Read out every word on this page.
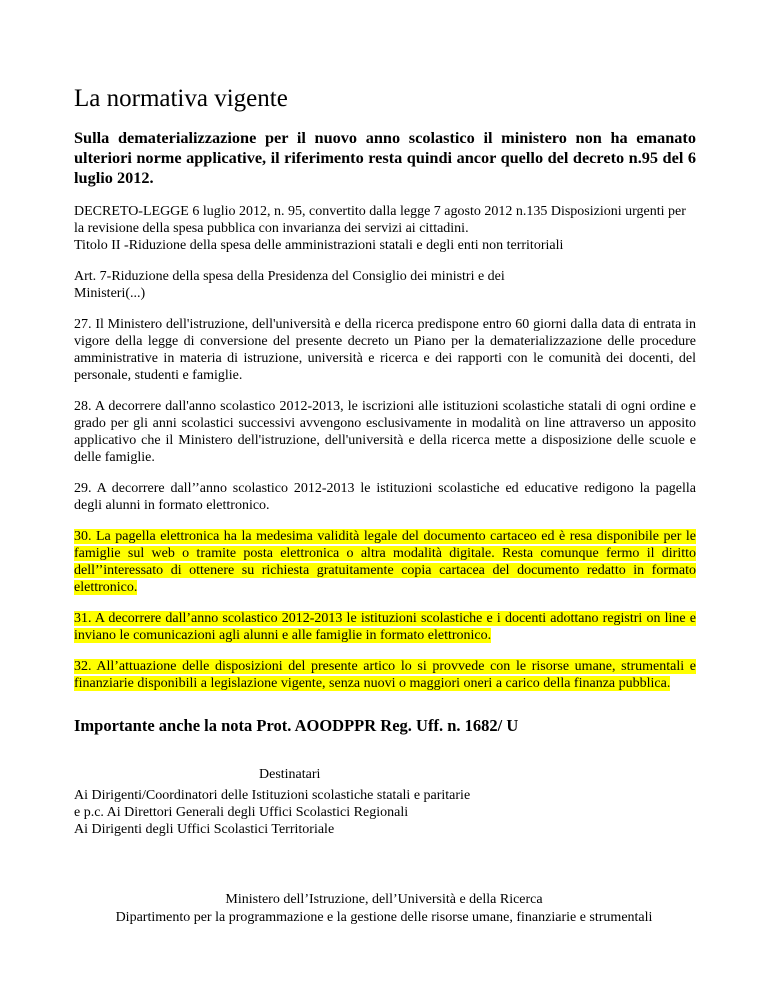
La normativa vigente

Sulla dematerializzazione per il nuovo anno scolastico il ministero non ha emanato ulteriori norme applicative, il riferimento resta quindi ancor quello del decreto n.95 del 6 luglio 2012.

DECRETO-LEGGE 6 luglio 2012, n. 95, convertito dalla legge 7 agosto 2012 n.135 Disposizioni urgenti per la revisione della spesa pubblica con invarianza dei servizi ai cittadini.
Titolo II -Riduzione della spesa delle amministrazioni statali e degli enti non territoriali
Art. 7-Riduzione della spesa della Presidenza del Consiglio dei ministri e dei
Ministeri(...)

27. Il Ministero dell'istruzione, dell'università e della ricerca predispone entro 60 giorni dalla data di entrata in vigore della legge di conversione del presente decreto un Piano per la dematerializzazione delle procedure amministrative in materia di istruzione, università e ricerca e dei rapporti con le comunità dei docenti, del personale, studenti e famiglie.

28. A decorrere dall'anno scolastico 2012-2013, le iscrizioni alle istituzioni scolastiche statali di ogni ordine e grado per gli anni scolastici successivi avvengono esclusivamente in modalità on line attraverso un apposito applicativo che il Ministero dell'istruzione, dell'università e della ricerca mette a disposizione delle scuole e delle famiglie.

29. A decorrere dall’’anno scolastico 2012-2013 le istituzioni scolastiche ed educative redigono la pagella degli alunni in formato elettronico.

30. La pagella elettronica ha la medesima validità legale del documento cartaceo ed è resa disponibile per le famiglie sul web o tramite posta elettronica o altra modalità digitale. Resta comunque fermo il diritto dell’’interessato di ottenere su richiesta gratuitamente copia cartacea del documento redatto in formato elettronico.

31. A decorrere dall’anno scolastico 2012-2013 le istituzioni scolastiche e i docenti adottano registri on line e inviano le comunicazioni agli alunni e alle famiglie in formato elettronico.

32. All’attuazione delle disposizioni del presente artico lo si provvede con le risorse umane, strumentali e finanziarie disponibili a legislazione vigente, senza nuovi o maggiori oneri a carico della finanza pubblica.

Importante anche la nota Prot. AOODPPR Reg. Uff. n. 1682/ U

Destinatari
Ai Dirigenti/Coordinatori delle Istituzioni scolastiche statali e paritarie
e p.c. Ai Direttori Generali degli Uffici Scolastici Regionali
Ai Dirigenti degli Uffici Scolastici Territoriale
Ministero dell’Istruzione, dell’Università e della Ricerca
Dipartimento per la programmazione e la gestione delle risorse umane, finanziarie e strumentali
